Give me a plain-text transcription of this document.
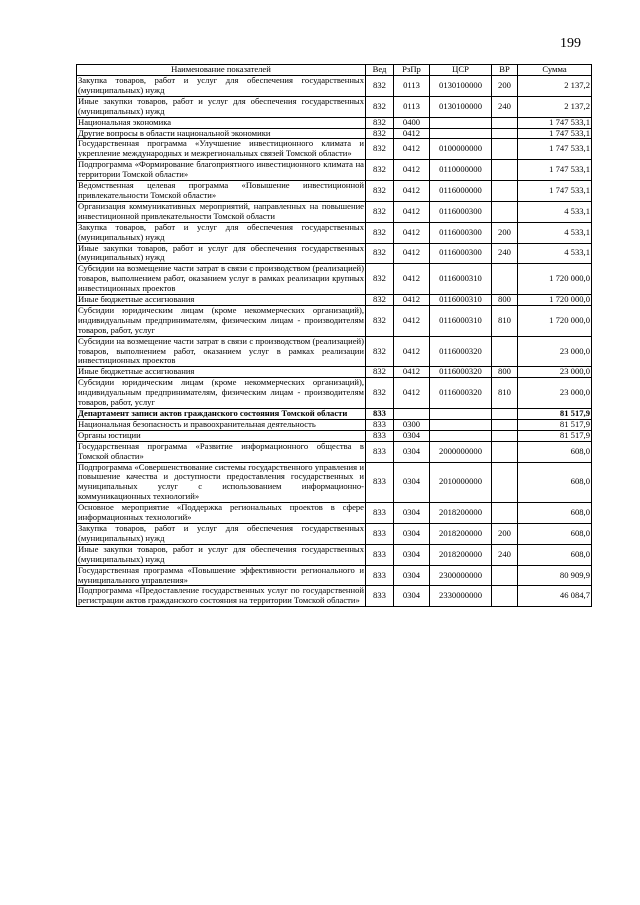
199
Наименование показателей	Вед	РзПр	ЦСР	ВР	Сумма
Закупка товаров, работ и услуг для обеспечения государственных (муниципальных) нужд	832	0113	0130100000	200	2 137,2
Иные закупки товаров, работ и услуг для обеспечения государственных (муниципальных) нужд	832	0113	0130100000	240	2 137,2
Национальная экономика	832	0400			1 747 533,1
Другие вопросы в области национальной экономики	832	0412			1 747 533,1
Государственная программа «Улучшение инвестиционного климата и укрепление международных и межрегиональных связей Томской области»	832	0412	0100000000		1 747 533,1
Подпрограмма «Формирование благоприятного инвестиционного климата на территории Томской области»	832	0412	0110000000		1 747 533,1
Ведомственная целевая программа «Повышение инвестиционной привлекательности Томской области»	832	0412	0116000000		1 747 533,1
Организация коммуникативных мероприятий, направленных на повышение инвестиционной привлекательности Томской области	832	0412	0116000300		4 533,1
Закупка товаров, работ и услуг для обеспечения государственных (муниципальных) нужд	832	0412	0116000300	200	4 533,1
Иные закупки товаров, работ и услуг для обеспечения государственных (муниципальных) нужд	832	0412	0116000300	240	4 533,1
Субсидии на возмещение части затрат в связи с производством (реализацией) товаров, выполнением работ, оказанием услуг в рамках реализации крупных инвестиционных проектов	832	0412	0116000310		1 720 000,0
Иные бюджетные ассигнования	832	0412	0116000310	800	1 720 000,0
Субсидии юридическим лицам (кроме некоммерческих организаций), индивидуальным предпринимателям, физическим лицам - производителям товаров, работ, услуг	832	0412	0116000310	810	1 720 000,0
Субсидии на возмещение части затрат в связи с производством (реализацией) товаров, выполнением работ, оказанием услуг в рамках реализации инвестиционных проектов	832	0412	0116000320		23 000,0
Иные бюджетные ассигнования	832	0412	0116000320	800	23 000,0
Субсидии юридическим лицам (кроме некоммерческих организаций), индивидуальным предпринимателям, физическим лицам - производителям товаров, работ, услуг	832	0412	0116000320	810	23 000,0
Департамент записи актов гражданского состояния Томской области	833				81 517,9
Национальная безопасность и правоохранительная деятельность	833	0300			81 517,9
Органы юстиции	833	0304			81 517,9
Государственная программа «Развитие информационного общества в Томской области»	833	0304	2000000000		608,0
Подпрограмма «Совершенствование системы государственного управления и повышение качества и доступности предоставления государственных и муниципальных услуг с использованием информационно-коммуникационных технологий»	833	0304	2010000000		608,0
Основное мероприятие «Поддержка региональных проектов в сфере информационных технологий»	833	0304	2018200000		608,0
Закупка товаров, работ и услуг для обеспечения государственных (муниципальных) нужд	833	0304	2018200000	200	608,0
Иные закупки товаров, работ и услуг для обеспечения государственных (муниципальных) нужд	833	0304	2018200000	240	608,0
Государственная программа «Повышение эффективности регионального и муниципального управления»	833	0304	2300000000		80 909,9
Подпрограмма «Предоставление государственных услуг по государственной регистрации актов гражданского состояния на территории Томской области»	833	0304	2330000000		46 084,7
